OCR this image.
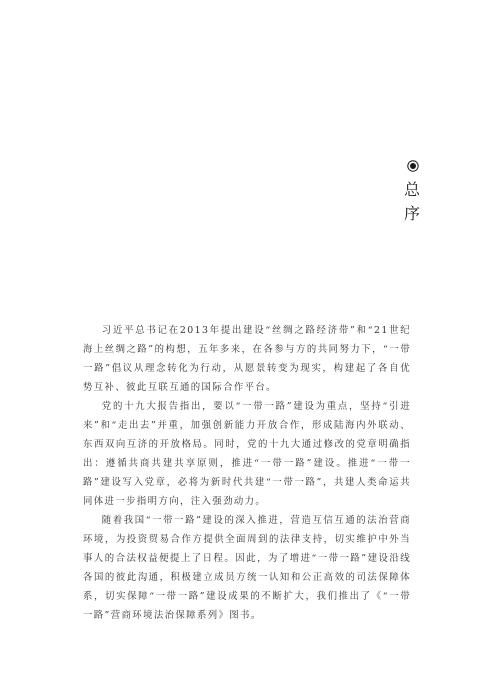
总
序

习近平总书记在2013年提出建设“丝绸之路经济带”和“21世纪海上丝绸之路”的构想，五年多来，在各参与方的共同努力下，“一带一路”倡议从理念转化为行动，从愿景转变为现实，构建起了各自优势互补、彼此互联互通的国际合作平台。

党的十九大报告指出，要以“一带一路”建设为重点，坚持“引进来”和“走出去”并重，加强创新能力开放合作，形成陆海内外联动、东西双向互济的开放格局。同时，党的十九大通过修改的党章明确指出：遵循共商共建共享原则，推进“一带一路”建设。推进“一带一路”建设写入党章，必将为新时代共建“一带一路”，共建人类命运共同体进一步指明方向，注入强劲动力。

随着我国“一带一路”建设的深入推进，营造互信互通的法治营商环境，为投资贸易合作方提供全面周到的法律支持，切实维护中外当事人的合法权益便提上了日程。因此，为了增进“一带一路”建设沿线各国的彼此沟通，积极建立成员方统一认知和公正高效的司法保障体系，切实保障“一带一路”建设成果的不断扩大，我们推出了《“一带一路”营商环境法治保障系列》图书。
